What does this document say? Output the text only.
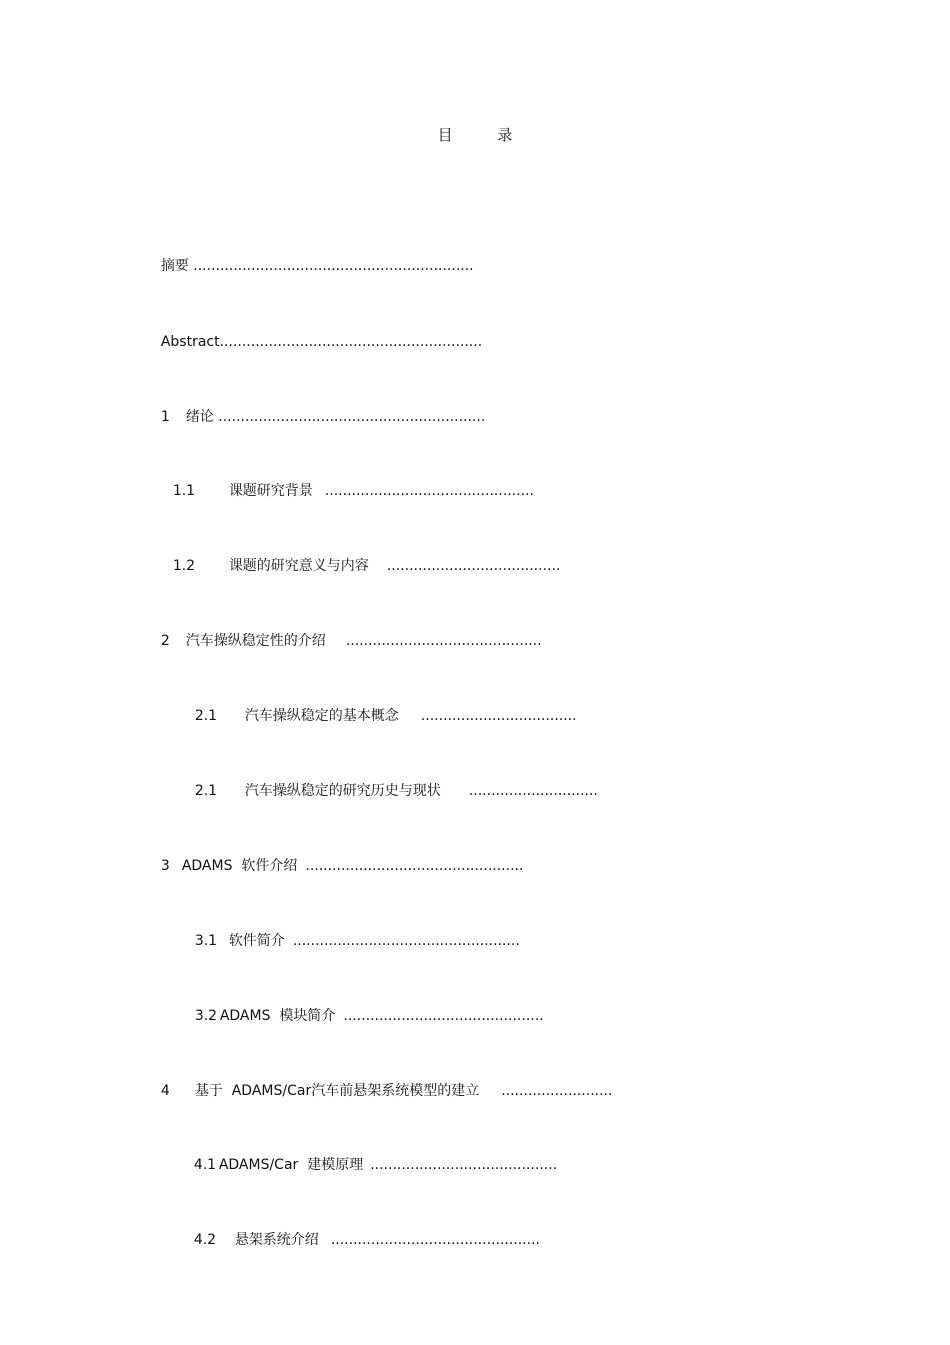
目 录

摘要 ...............................................................

Abstract...........................................................

1 绪论 ............................................................

1.1 课题研究背景 ...............................................

1.2 课题的研究意义与内容 .......................................

2 汽车操纵稳定性的介绍 ............................................

2.1 汽车操纵稳定的基本概念 ...................................

2.1 汽车操纵稳定的研究历史与现状 .............................

3 ADAMS  软件介绍 .................................................

3.1 软件简介 ...................................................

3.2 ADAMS  模块简介 .............................................

4 基于  ADAMS/Car汽车前悬架系统模型的建立 .........................

4.1 ADAMS/Car  建模原理 ..........................................

4.2 悬架系统介绍 ...............................................
